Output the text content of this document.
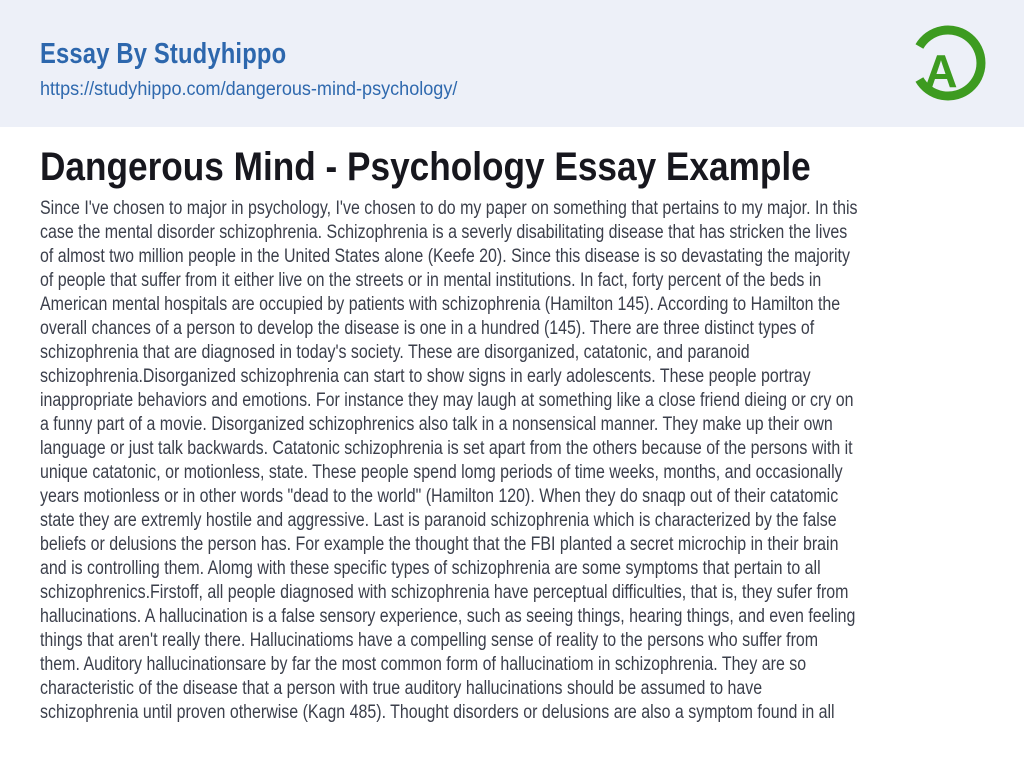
Essay By Studyhippo
https://studyhippo.com/dangerous-mind-psychology/	A
Dangerous Mind - Psychology Essay Example
Since I've chosen to major in psychology, I've chosen to do my paper on something that pertains to my major. In this
case the mental disorder schizophrenia. Schizophrenia is a severly disabilitating disease that has stricken the lives
of almost two million people in the United States alone (Keefe 20). Since this disease is so devastating the majority
of people that suffer from it either live on the streets or in mental institutions. In fact, forty percent of the beds in
American mental hospitals are occupied by patients with schizophrenia (Hamilton 145). According to Hamilton the
overall chances of a person to develop the disease is one in a hundred (145). There are three distinct types of
schizophrenia that are diagnosed in today's society. These are disorganized, catatonic, and paranoid
schizophrenia.Disorganized schizophrenia can start to show signs in early adolescents. These people portray
inappropriate behaviors and emotions. For instance they may laugh at something like a close friend dieing or cry on
a funny part of a movie. Disorganized schizophrenics also talk in a nonsensical manner. They make up their own
language or just talk backwards. Catatonic schizophrenia is set apart from the others because of the persons with it
unique catatonic, or motionless, state. These people spend lomg periods of time weeks, months, and occasionally
years motionless or in other words "dead to the world" (Hamilton 120). When they do snaqp out of their catatomic
state they are extremly hostile and aggressive. Last is paranoid schizophrenia which is characterized by the false
beliefs or delusions the person has. For example the thought that the FBI planted a secret microchip in their brain
and is controlling them. Alomg with these specific types of schizophrenia are some symptoms that pertain to all
schizophrenics.Firstoff, all people diagnosed with schizophrenia have perceptual difficulties, that is, they sufer from
hallucinations. A hallucination is a false sensory experience, such as seeing things, hearing things, and even feeling
things that aren't really there. Hallucinatioms have a compelling sense of reality to the persons who suffer from
them. Auditory hallucinationsare by far the most common form of hallucinatiom in schizophrenia. They are so
characteristic of the disease that a person with true auditory hallucinations should be assumed to have
schizophrenia until proven otherwise (Kagn 485). Thought disorders or delusions are also a symptom found in all
